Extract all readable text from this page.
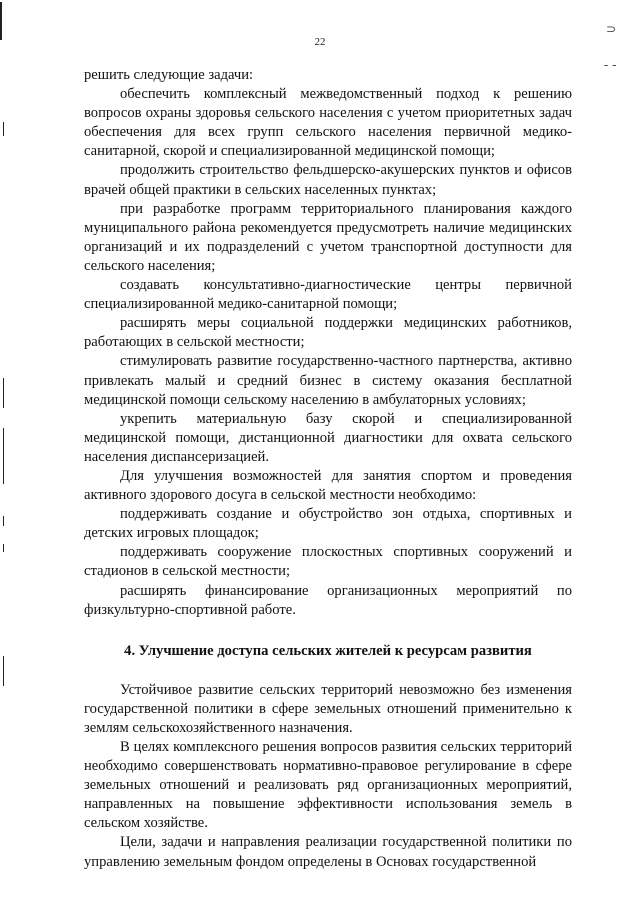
⊃
- -
22

решить следующие задачи:

обеспечить комплексный межведомственный подход к решению вопросов охраны здоровья сельского населения с учетом приоритетных задач обеспечения для всех групп сельского населения первичной медико-санитарной, скорой и специализированной медицинской помощи;

продолжить строительство фельдшерско-акушерских пунктов и офисов врачей общей практики в сельских населенных пунктах;

при разработке программ территориального планирования каждого муниципального района рекомендуется предусмотреть наличие медицинских организаций и их подразделений с учетом транспортной доступности для сельского населения;

создавать консультативно-диагностические центры первичной специализированной медико-санитарной помощи;

расширять меры социальной поддержки медицинских работников, работающих в сельской местности;

стимулировать развитие государственно-частного партнерства, активно привлекать малый и средний бизнес в систему оказания бесплатной медицинской помощи сельскому населению в амбулаторных условиях;

укрепить материальную базу скорой и специализированной медицинской помощи, дистанционной диагностики для охвата сельского населения диспансеризацией.

Для улучшения возможностей для занятия спортом и проведения активного здорового досуга в сельской местности необходимо:

поддерживать создание и обустройство зон отдыха, спортивных и детских игровых площадок;

поддерживать сооружение плоскостных спортивных сооружений и стадионов в сельской местности;

расширять финансирование организационных мероприятий по физкультурно-спортивной работе.

4. Улучшение доступа сельских жителей к ресурсам развития

Устойчивое развитие сельских территорий невозможно без изменения государственной политики в сфере земельных отношений применительно к землям сельскохозяйственного назначения.

В целях комплексного решения вопросов развития сельских территорий необходимо совершенствовать нормативно-правовое регулирование в сфере земельных отношений и реализовать ряд организационных мероприятий, направленных на повышение эффективности использования земель в сельском хозяйстве.

Цели, задачи и направления реализации государственной политики по управлению земельным фондом определены в Основах государственной
